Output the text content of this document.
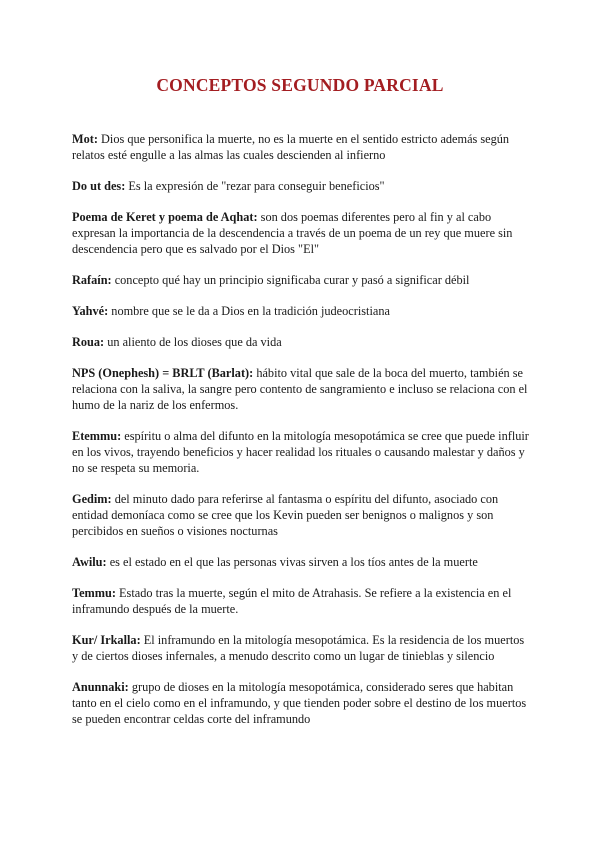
CONCEPTOS SEGUNDO PARCIAL

Mot: Dios que personifica la muerte, no es la muerte en el sentido estricto además según relatos esté engulle a las almas las cuales descienden al infierno

Do ut des: Es la expresión de "rezar para conseguir beneficios"

Poema de Keret y poema de Aqhat: son dos poemas diferentes pero al fin y al cabo expresan la importancia de la descendencia a través de un poema de un rey que muere sin descendencia pero que es salvado por el Dios "El"

Rafaín: concepto qué hay un principio significaba curar y pasó a significar débil

Yahvé: nombre que se le da a Dios en la tradición judeocristiana

Roua: un aliento de los dioses que da vida

NPS (Onephesh) = BRLT (Barlat): hábito vital que sale de la boca del muerto, también se relaciona con la saliva, la sangre pero contento de sangramiento e incluso se relaciona con el humo de la nariz de los enfermos.

Etemmu: espíritu o alma del difunto en la mitología mesopotámica se cree que puede influir en los vivos, trayendo beneficios y hacer realidad los rituales o causando malestar y daños y no se respeta su memoria.

Gedim: del minuto dado para referirse al fantasma o espíritu del difunto, asociado con entidad demoníaca como se cree que los Kevin pueden ser benignos o malignos y son percibidos en sueños o visiones nocturnas

Awilu: es el estado en el que las personas vivas sirven a los tíos antes de la muerte

Temmu: Estado tras la muerte, según el mito de Atrahasis. Se refiere a la existencia en el inframundo después de la muerte.

Kur/ Irkalla: El inframundo en la mitología mesopotámica. Es la residencia de los muertos y de ciertos dioses infernales, a menudo descrito como un lugar de tinieblas y silencio

Anunnaki: grupo de dioses en la mitología mesopotámica, considerado seres que habitan tanto en el cielo como en el inframundo, y que tienden poder sobre el destino de los muertos se pueden encontrar celdas corte del inframundo
